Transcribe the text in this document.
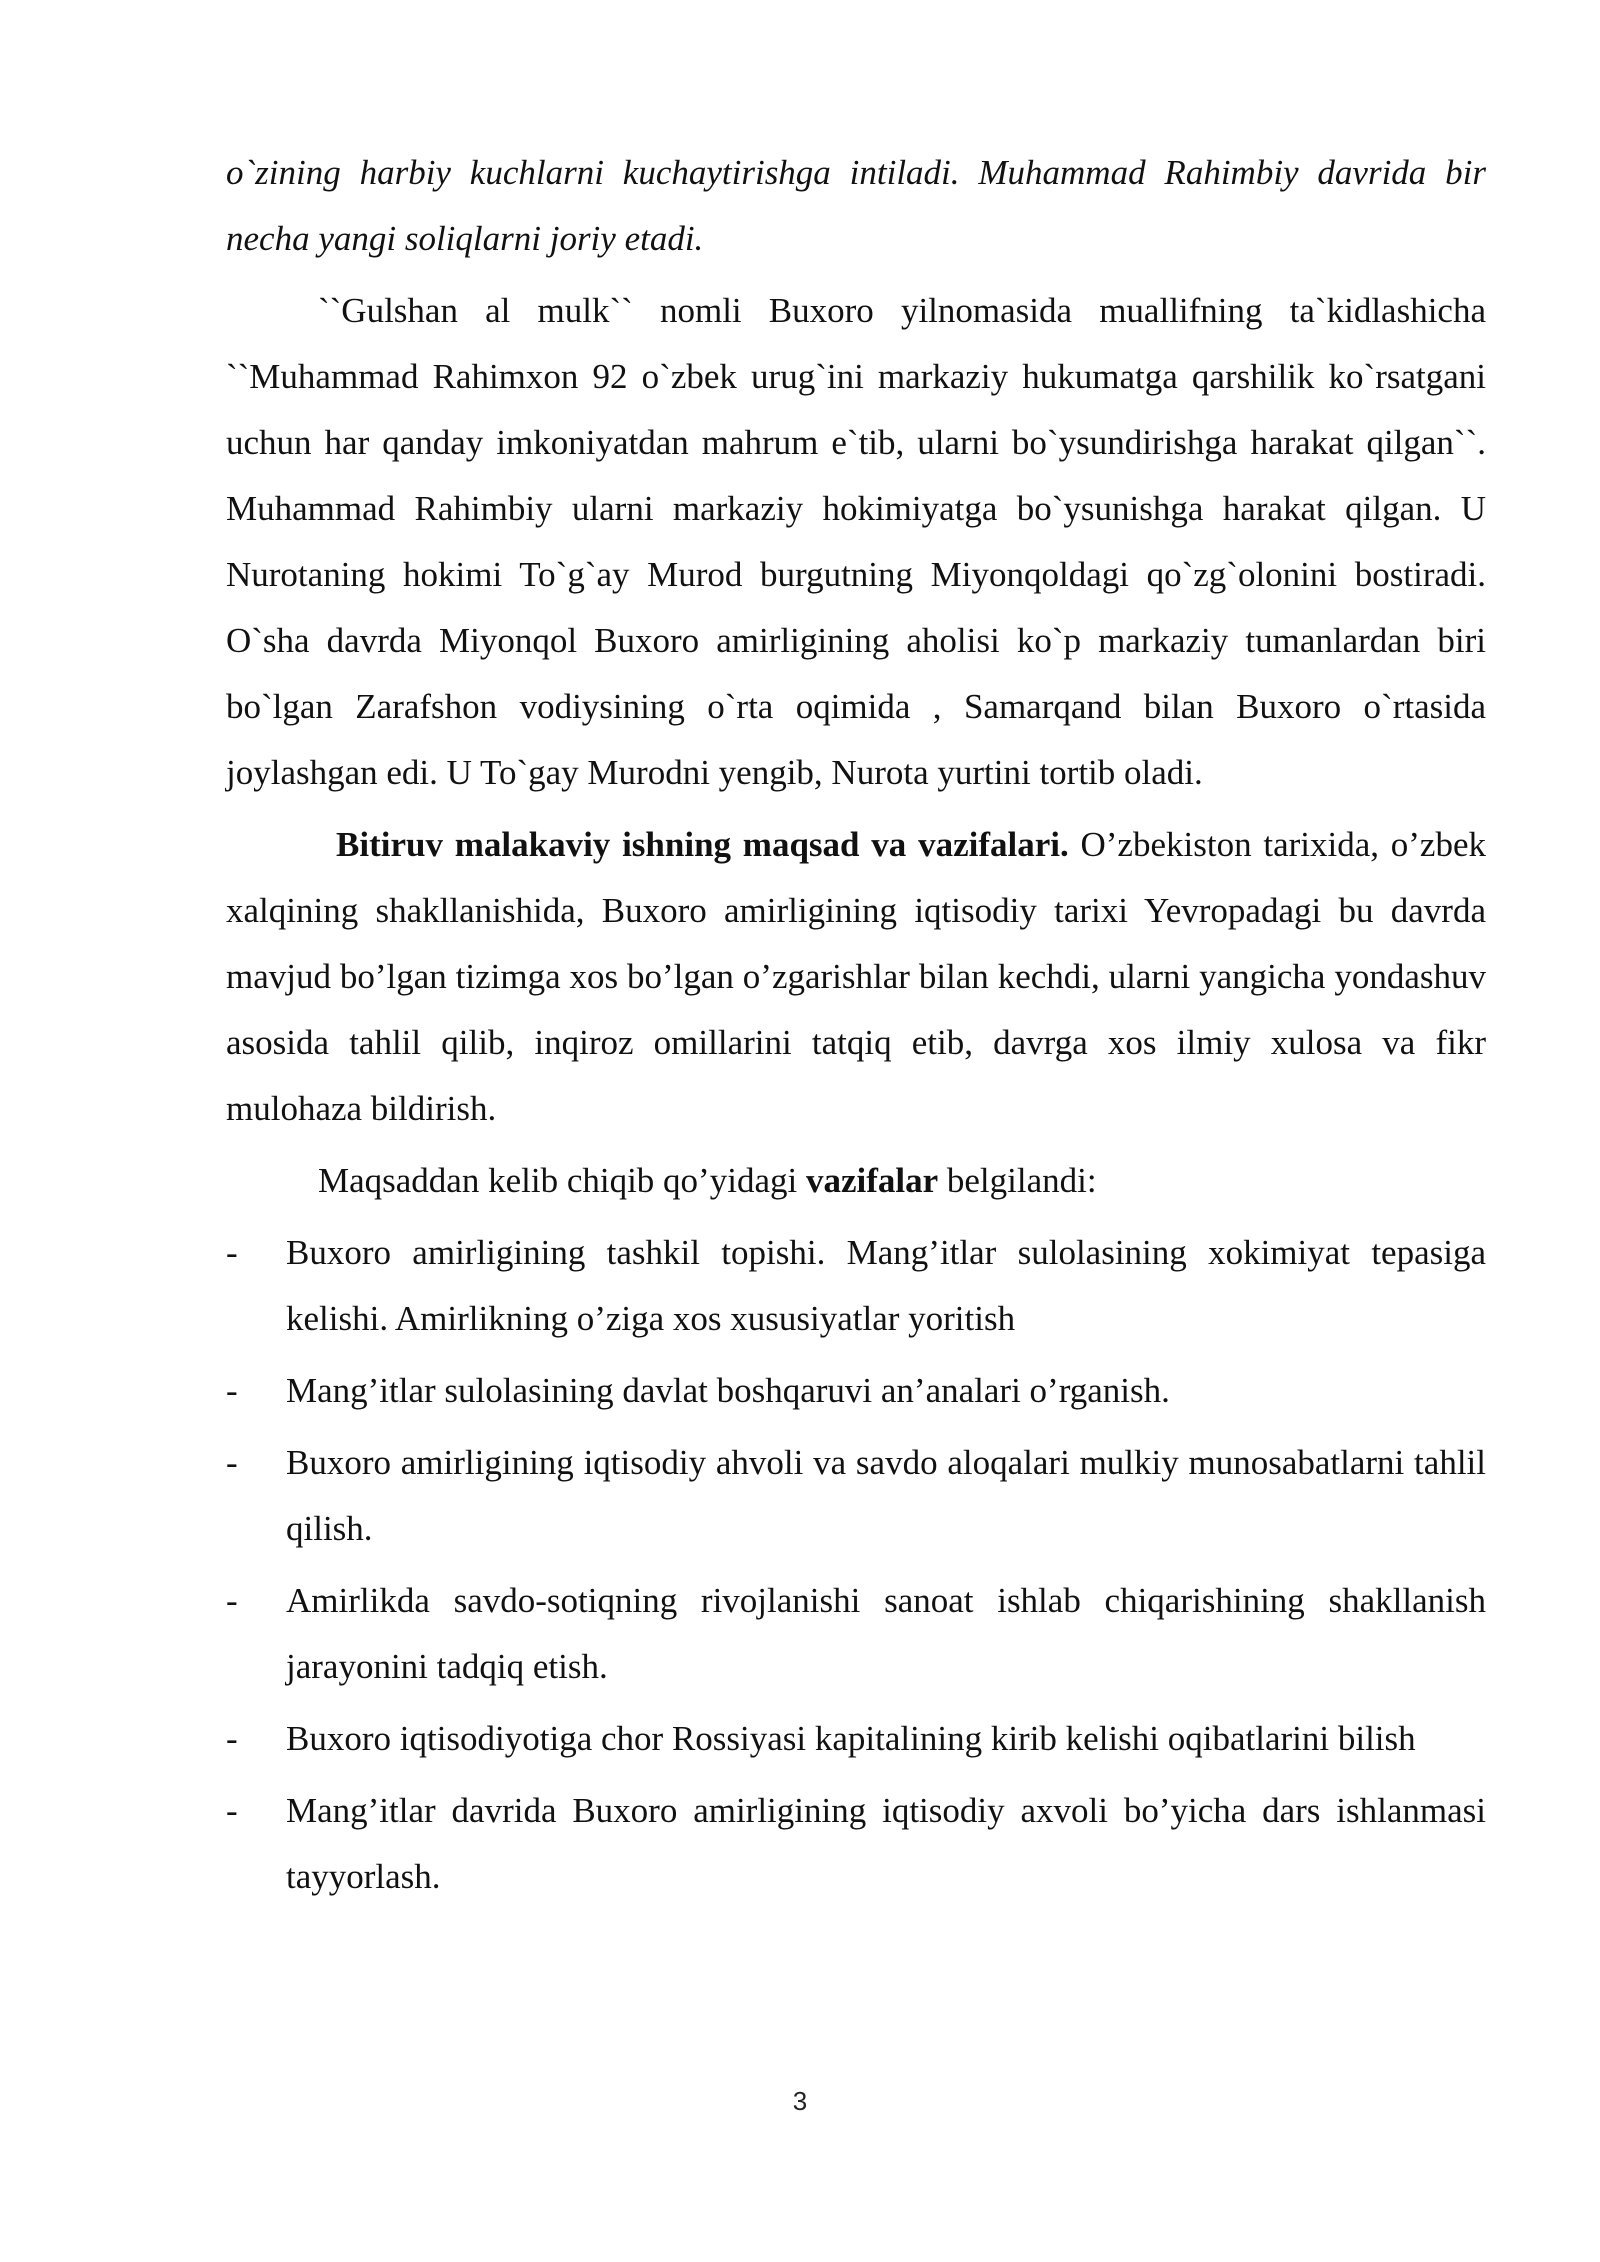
o`zining harbiy kuchlarni kuchaytirishga intiladi. Muhammad Rahimbiy davrida bir necha yangi soliqlarni joriy etadi.

``Gulshan al mulk`` nomli Buxoro yilnomasida muallifning ta`kidlashicha ``Muhammad Rahimxon 92 o`zbek urug`ini markaziy hukumatga qarshilik ko`rsatgani uchun har qanday imkoniyatdan mahrum e`tib, ularni bo`ysundirishga harakat qilgan``. Muhammad Rahimbiy ularni markaziy hokimiyatga bo`ysunishga harakat qilgan. U Nurotaning hokimi To`g`ay Murod burgutning Miyonqoldagi qo`zg`olonini bostiradi. O`sha davrda Miyonqol Buxoro amirligining aholisi ko`p markaziy tumanlardan biri bo`lgan Zarafshon vodiysining o`rta oqimida , Samarqand bilan Buxoro o`rtasida joylashgan edi. U To`gay Murodni yengib, Nurota yurtini tortib oladi.

Bitiruv malakaviy ishning maqsad va vazifalari. O’zbekiston tarixida, o’zbek xalqining shakllanishida, Buxoro amirligining iqtisodiy tarixi Yevropadagi bu davrda mavjud bo’lgan tizimga xos bo’lgan o’zgarishlar bilan kechdi, ularni yangicha yondashuv asosida tahlil qilib, inqiroz omillarini tatqiq etib, davrga xos ilmiy xulosa va fikr mulohaza bildirish.

Maqsaddan kelib chiqib qo’yidagi vazifalar belgilandi:

- Buxoro amirligining tashkil topishi. Mang’itlar sulolasining xokimiyat tepasiga kelishi. Amirlikning o’ziga xos xususiyatlar yoritish
- Mang’itlar sulolasining davlat boshqaruvi an’analari o’rganish.
- Buxoro amirligining iqtisodiy ahvoli va savdo aloqalari mulkiy munosabatlarni tahlil qilish.
- Amirlikda savdo-sotiqning rivojlanishi sanoat ishlab chiqarishining shakllanish jarayonini tadqiq etish.
- Buxoro iqtisodiyotiga chor Rossiyasi kapitalining kirib kelishi oqibatlarini bilish
- Mang’itlar davrida Buxoro amirligining iqtisodiy axvoli bo’yicha dars ishlanmasi tayyorlash.
3
